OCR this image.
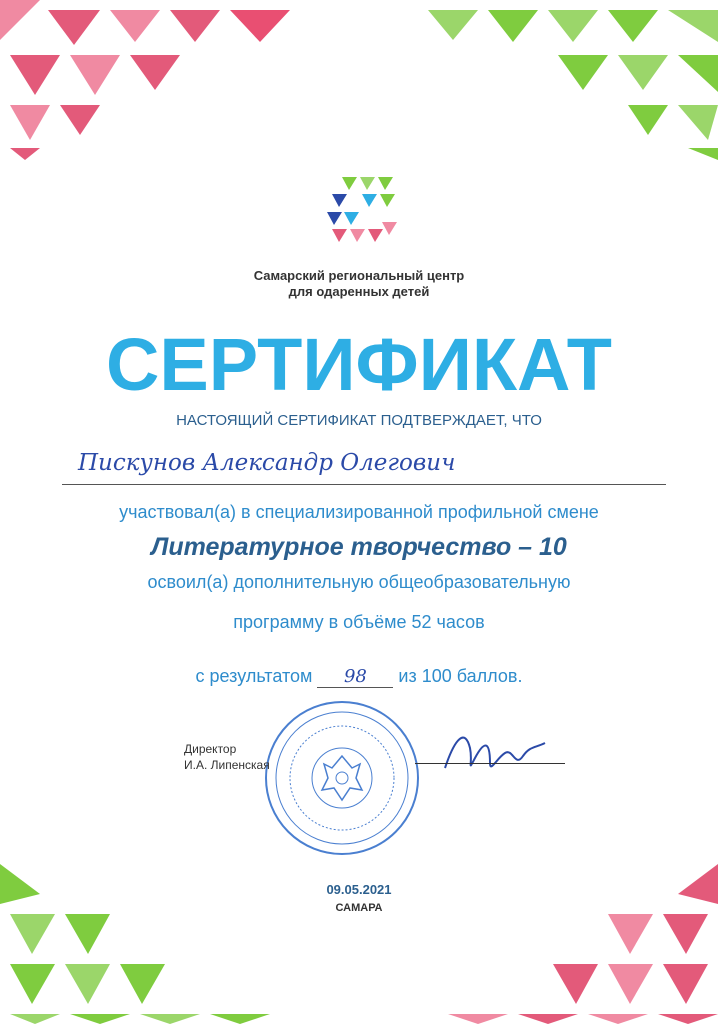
Самарский региональный центр
для одаренных детей
СЕРТИФИКАТ
НАСТОЯЩИЙ СЕРТИФИКАТ ПОДТВЕРЖДАЕТ, ЧТО
Пискунов Александр Олегович
участвовал(а) в специализированной профильной смене
Литературное творчество – 10
освоил(а) дополнительную общеобразовательную
программу в объёме 52 часов
с результатом 98 из 100 баллов.
Директор
И.А. Липенская
09.05.2021
САМАРА
